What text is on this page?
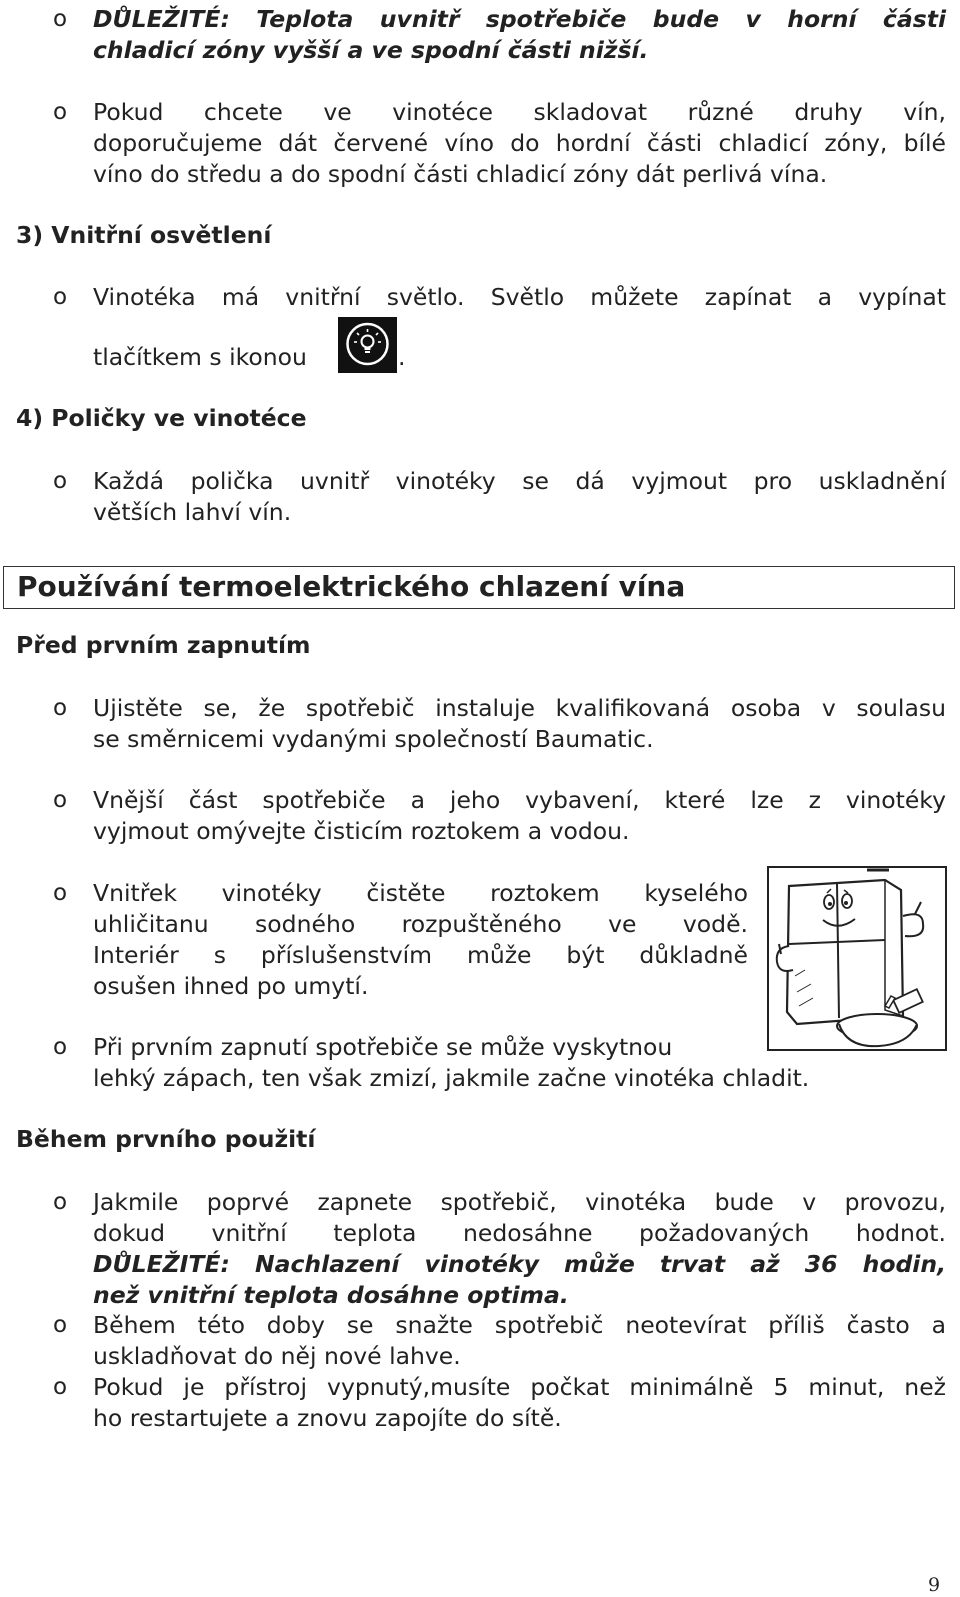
o DŮLEŽITÉ: Teplota uvnitř spotřebiče bude v horní části
chladicí zóny vyšší a ve spodní části nižší.
o Pokud chcete ve vinotéce skladovat různé druhy vín,
doporučujeme dát červené víno do hordní části chladicí zóny, bílé
víno do středu a do spodní části chladicí zóny dát perlivá vína.
3) Vnitřní osvětlení
o Vinotéka má vnitřní světlo. Světlo můžete zapínat a vypínat
tlačítkem s ikonou	.
4) Poličky ve vinotéce
o Každá polička uvnitř vinotéky se dá vyjmout pro uskladnění
větších lahví vín.
Používání termoelektrického chlazení vína
Před prvním zapnutím
o Ujistěte se, že spotřebič instaluje kvalifikovaná osoba v soulasu
se směrnicemi vydanými společností Baumatic.
o Vnější část spotřebiče a jeho vybavení, které lze z vinotéky
vyjmout omývejte čisticím roztokem a vodou.
o Vnitřek vinotéky čistěte roztokem kyselého
uhličitanu sodného rozpuštěného ve vodě.
Interiér s příslušenstvím může být důkladně
osušen ihned po umytí.
o Při prvním zapnutí spotřebiče se může vyskytnou
lehký zápach, ten však zmizí, jakmile začne vinotéka chladit.
Během prvního použití
o Jakmile poprvé zapnete spotřebič, vinotéka bude v provozu,
dokud vnitřní teplota nedosáhne požadovaných hodnot.
DŮLEŽITÉ: Nachlazení vinotéky může trvat až 36 hodin,
než vnitřní teplota dosáhne optima.
o Během této doby se snažte spotřebič neotevírat příliš často a
uskladňovat do něj nové lahve.
o Pokud je přístroj vypnutý,musíte počkat minimálně 5 minut, než
ho restartujete a znovu zapojíte do sítě.
9
